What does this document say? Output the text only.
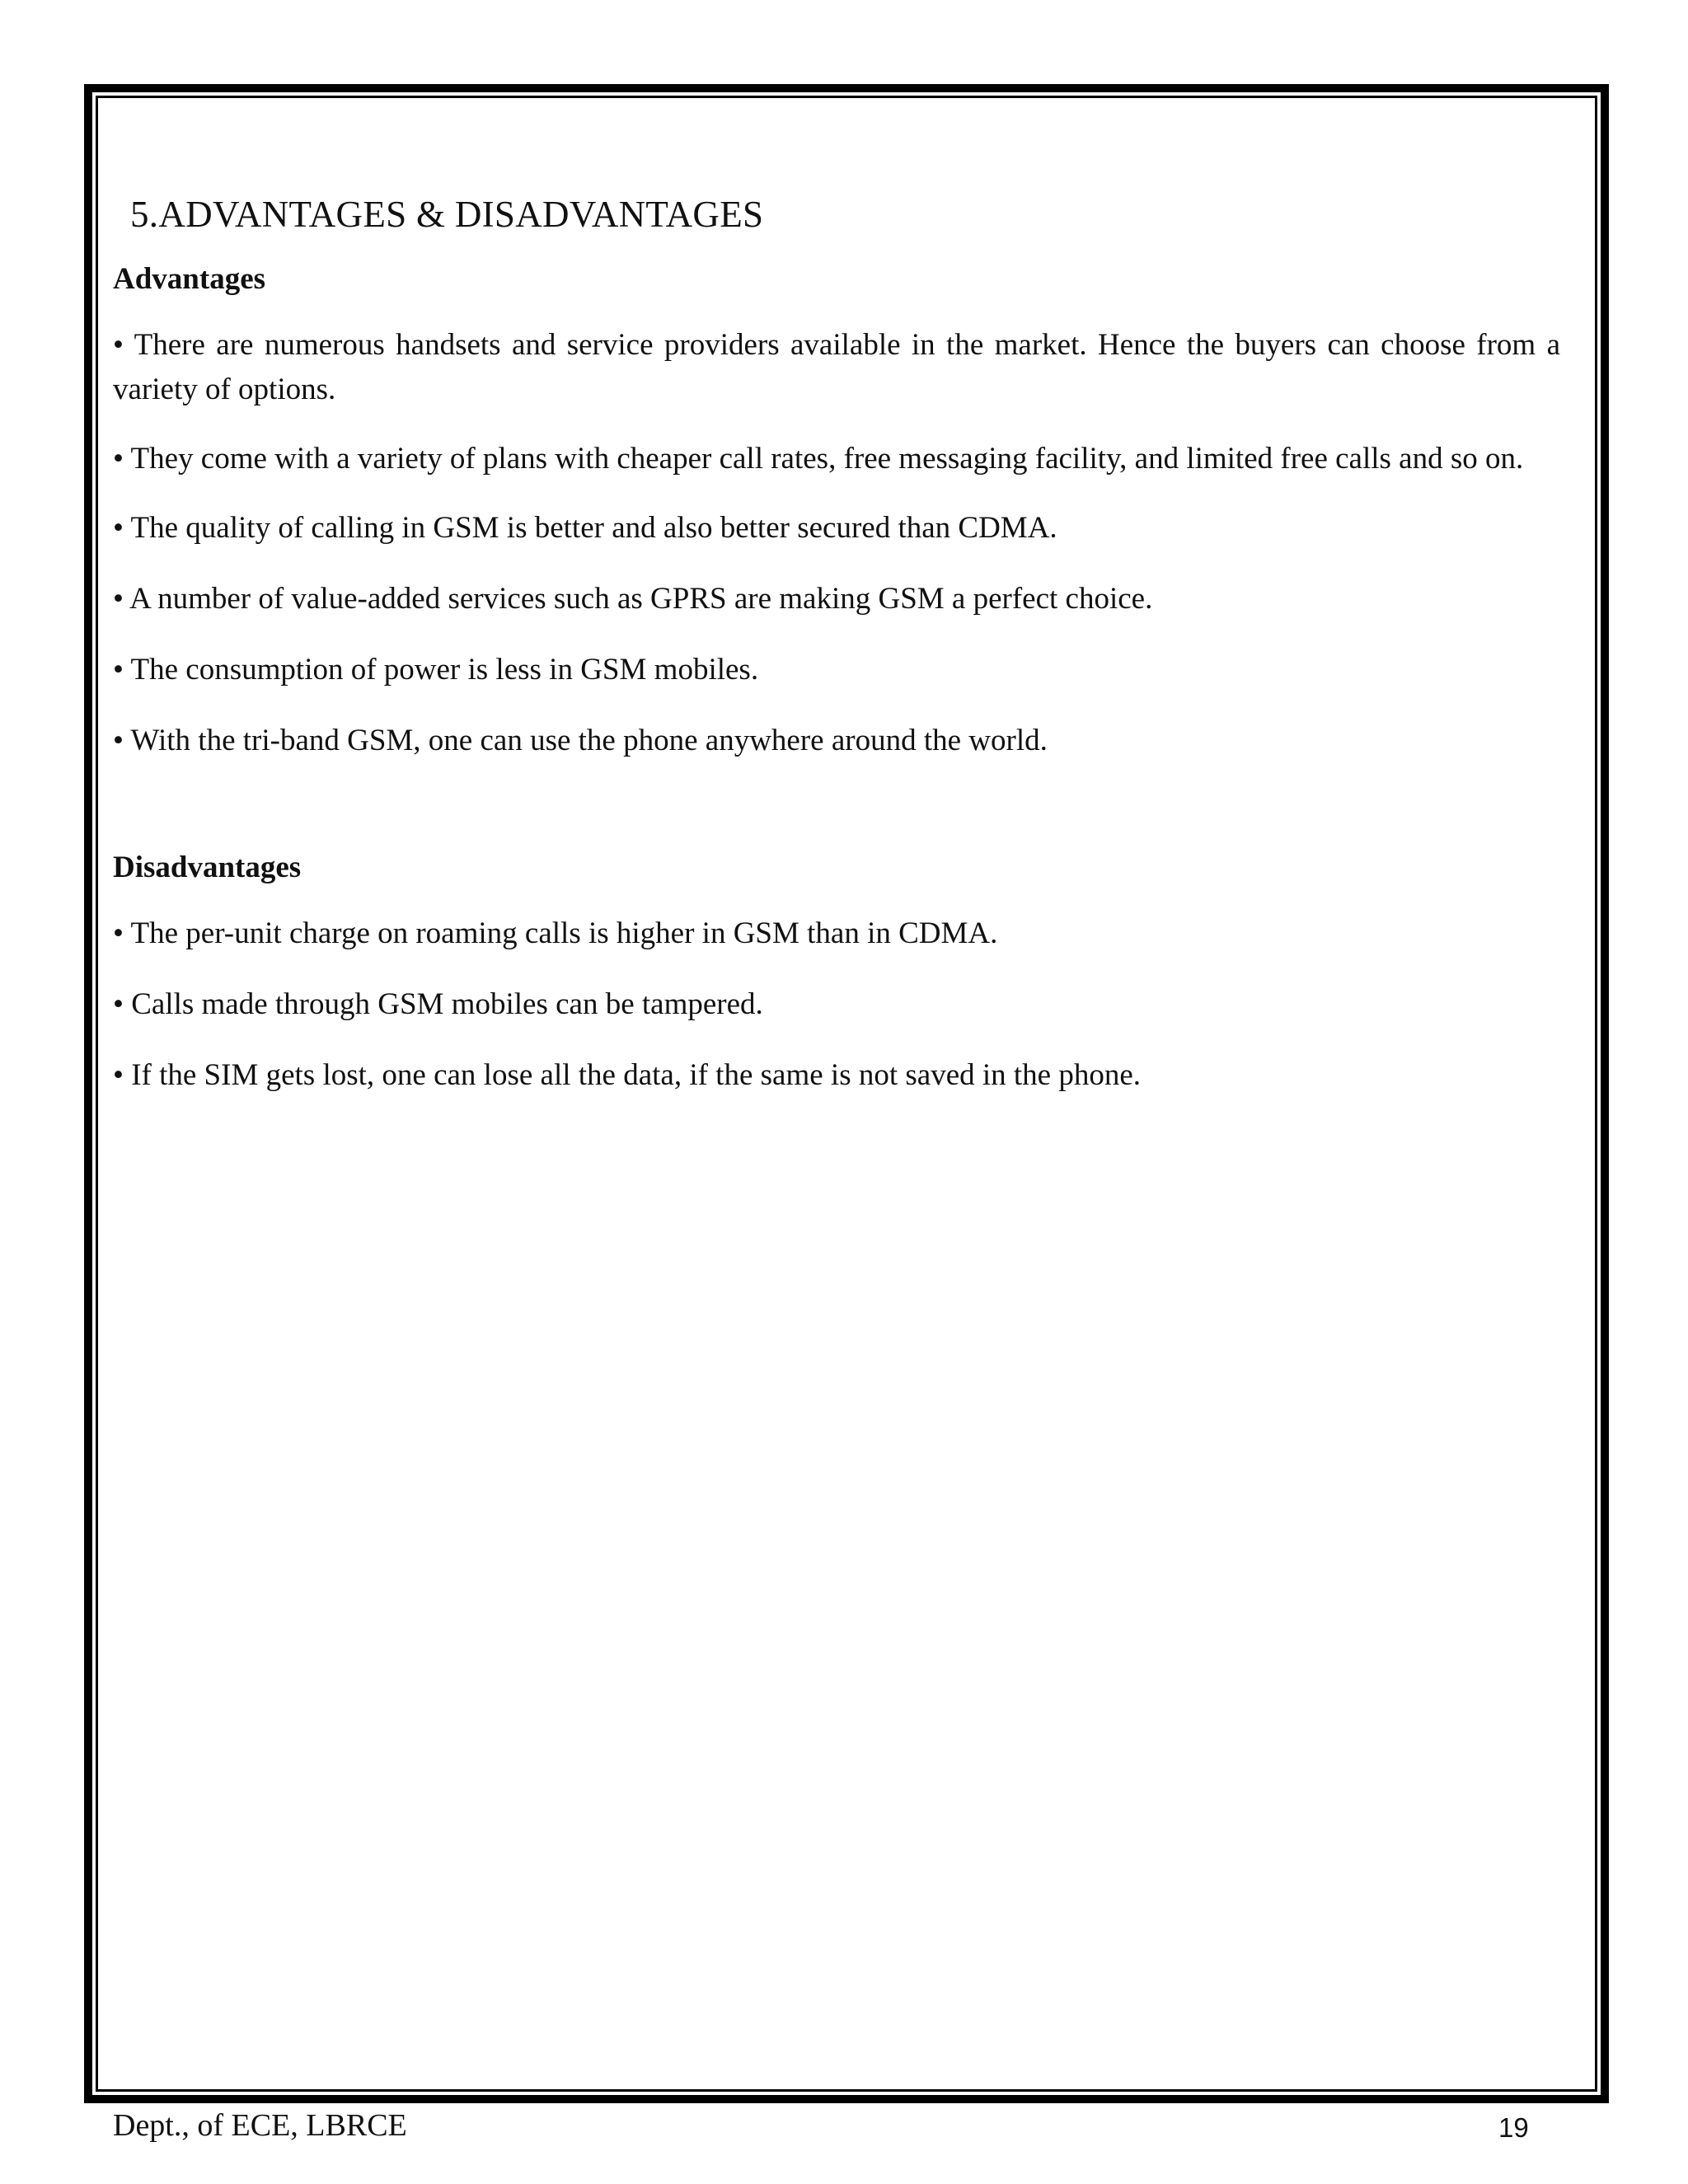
5.ADVANTAGES & DISADVANTAGES
Advantages
• There are numerous handsets and service providers available in the market. Hence the buyers can choose from a variety of options.
• They come with a variety of plans with cheaper call rates, free messaging facility, and limited free calls and so on.
• The quality of calling in GSM is better and also better secured than CDMA.
• A number of value-added services such as GPRS are making GSM a perfect choice.
• The consumption of power is less in GSM mobiles.
• With the tri-band GSM, one can use the phone anywhere around the world.
Disadvantages
• The per-unit charge on roaming calls is higher in GSM than in CDMA.
• Calls made through GSM mobiles can be tampered.
• If the SIM gets lost, one can lose all the data, if the same is not saved in the phone.
Dept., of ECE, LBRCE	19
